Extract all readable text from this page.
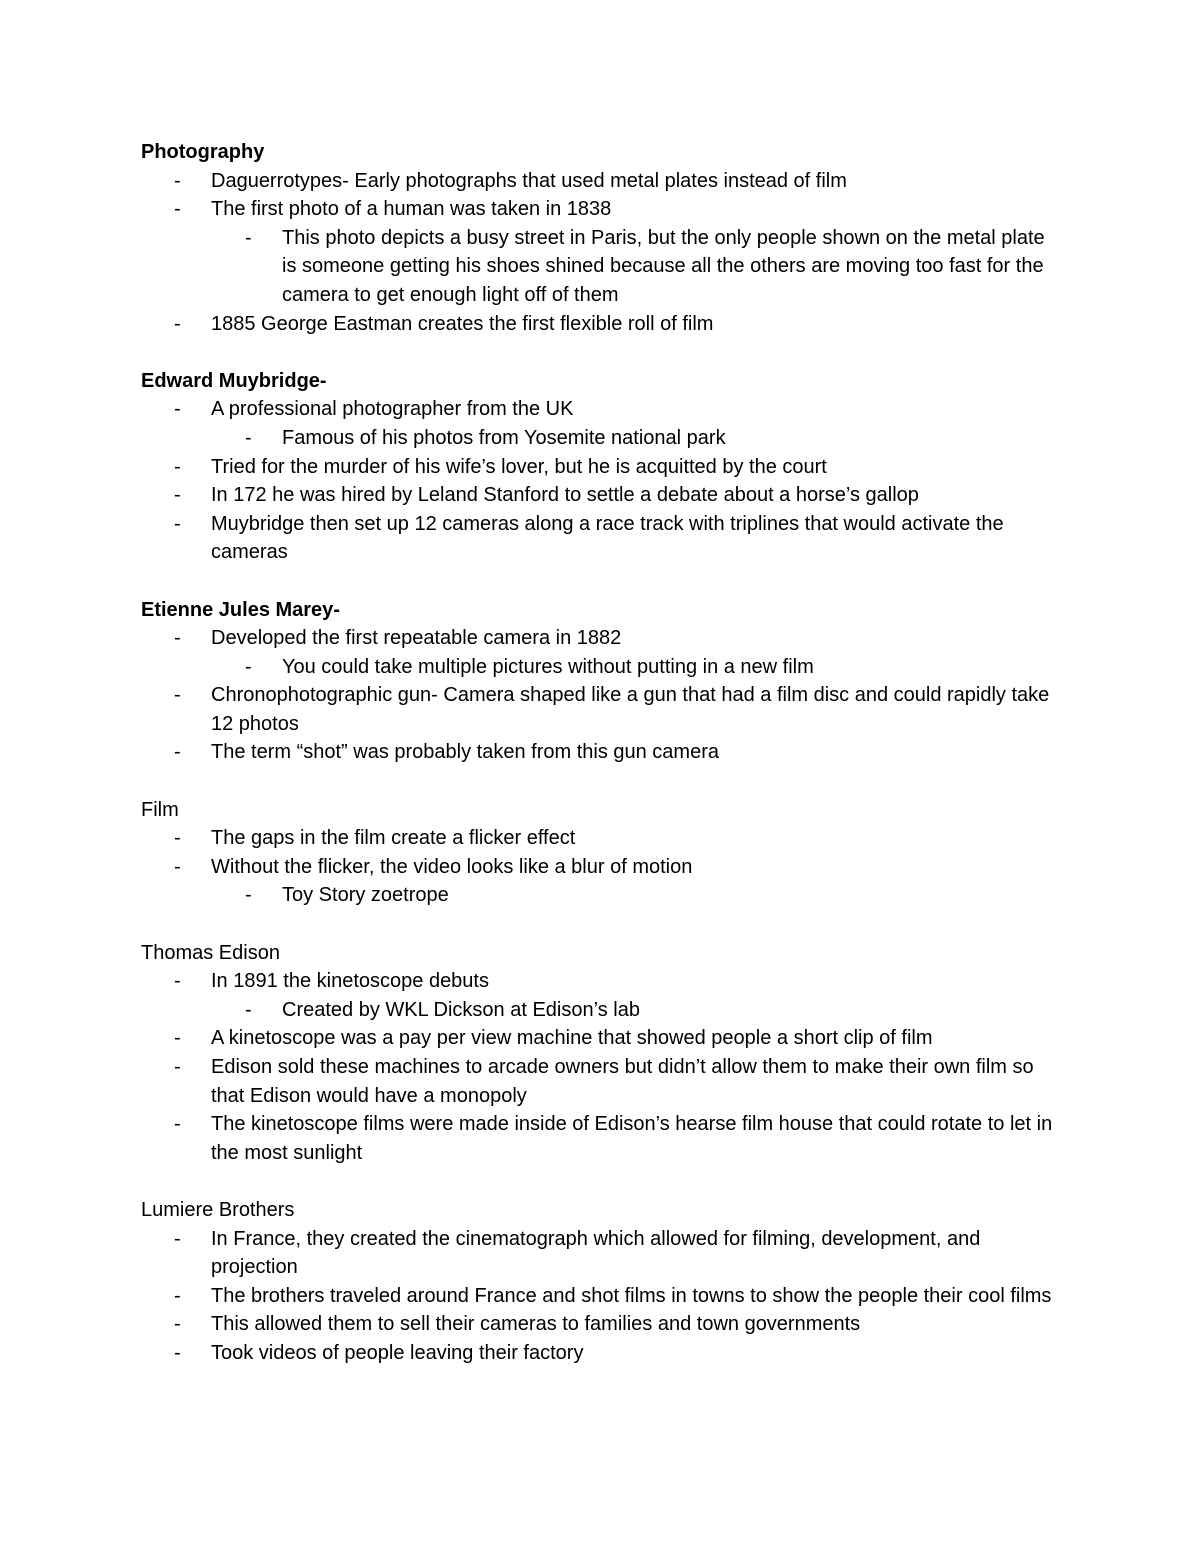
Photography
- Daguerrotypes- Early photographs that used metal plates instead of film
- The first photo of a human was taken in 1838
- This photo depicts a busy street in Paris, but the only people shown on the metal plate is someone getting his shoes shined because all the others are moving too fast for the camera to get enough light off of them
- 1885 George Eastman creates the first flexible roll of film
Edward Muybridge-
- A professional photographer from the UK
- Famous of his photos from Yosemite national park
- Tried for the murder of his wife’s lover, but he is acquitted by the court
- In 172 he was hired by Leland Stanford to settle a debate about a horse’s gallop
- Muybridge then set up 12 cameras along a race track with triplines that would activate the cameras
Etienne Jules Marey-
- Developed the first repeatable camera in 1882
- You could take multiple pictures without putting in a new film
- Chronophotographic gun- Camera shaped like a gun that had a film disc and could rapidly take 12 photos
- The term “shot” was probably taken from this gun camera
Film
- The gaps in the film create a flicker effect
- Without the flicker, the video looks like a blur of motion
- Toy Story zoetrope
Thomas Edison
- In 1891 the kinetoscope debuts
- Created by WKL Dickson at Edison’s lab
- A kinetoscope was a pay per view machine that showed people a short clip of film
- Edison sold these machines to arcade owners but didn’t allow them to make their own film so that Edison would have a monopoly
- The kinetoscope films were made inside of Edison’s hearse film house that could rotate to let in the most sunlight
Lumiere Brothers
- In France, they created the cinematograph which allowed for filming, development, and projection
- The brothers traveled around France and shot films in towns to show the people their cool films
- This allowed them to sell their cameras to families and town governments
- Took videos of people leaving their factory
